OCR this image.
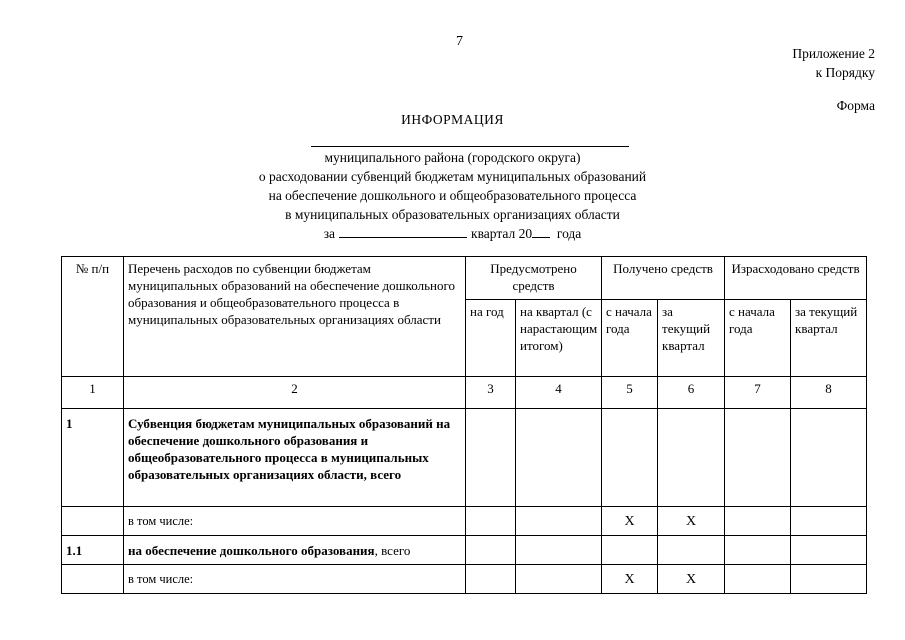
7
Приложение 2
к Порядку
Форма
ИНФОРМАЦИЯ
муниципального района (городского округа)
о расходовании субвенций бюджетам муниципальных образований
на обеспечение дошкольного и общеобразовательного процесса
в муниципальных образовательных организациях области
за	квартал 20 года
№ п/п	Перечень расходов по субвенции бюджетам муниципальных образований на обеспечение дошкольного образования и общеобразовательного процесса в муниципальных образовательных организациях области	Предусмотрено средств		Получено средств		Израсходовано средств	
		на год	на квартал (с нарастающим итогом)	с начала года	за текущий квартал	с начала года	за текущий квартал
1	2	3	4	5	6	7	8
1	Субвенция бюджетам муниципальных образований на обеспечение дошкольного образования и общеобразовательного процесса в муниципальных образовательных организациях области, всего						
	в том числе:			Х	Х		
1.1	на обеспечение дошкольного образования, всего						
	в том числе:			Х	Х		
